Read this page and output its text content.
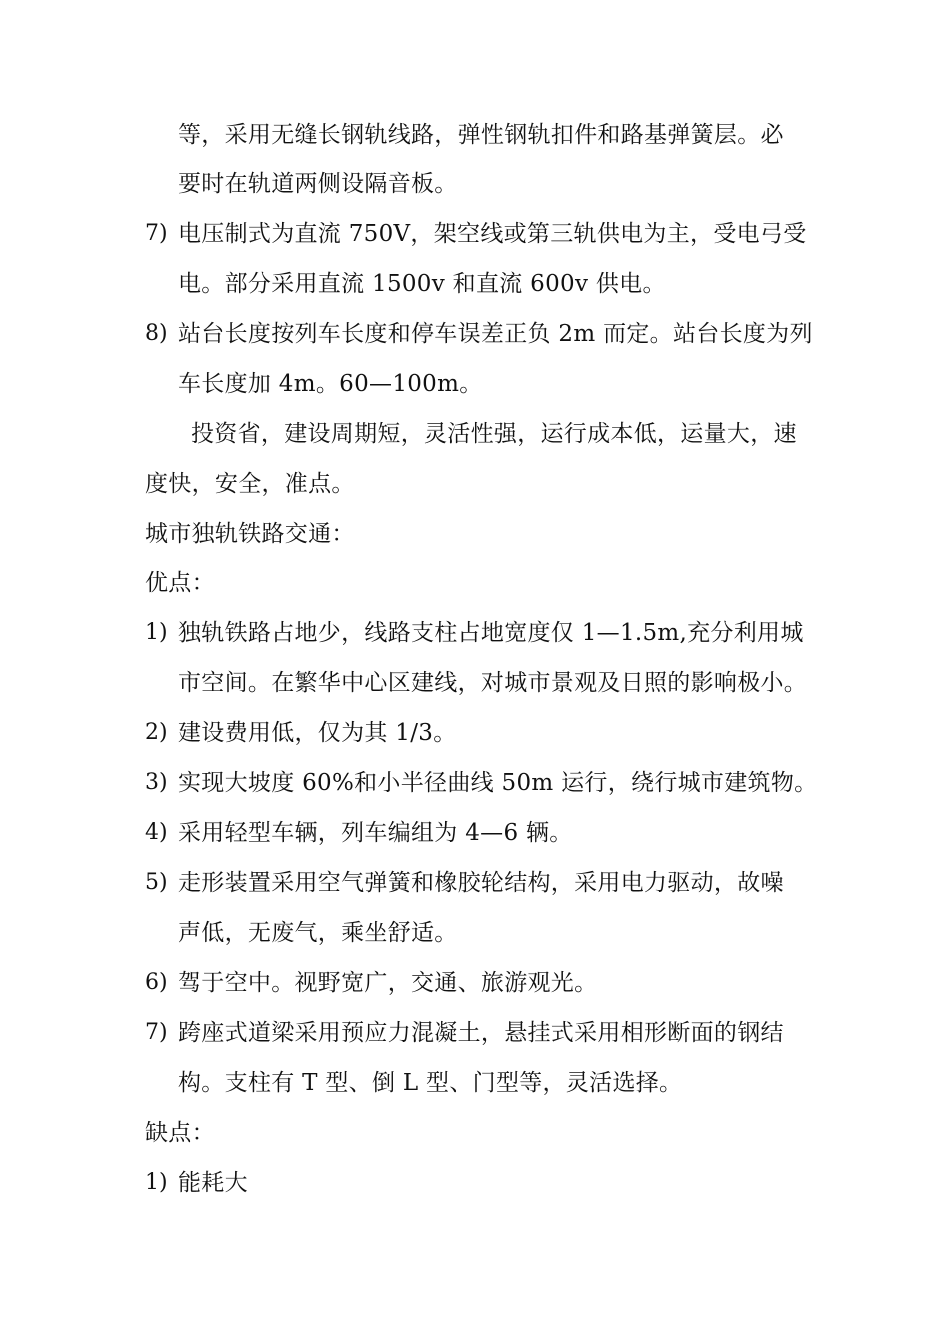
等，采用无缝长钢轨线路，弹性钢轨扣件和路基弹簧层。必
要时在轨道两侧设隔音板。
7) 电压制式为直流 750V，架空线或第三轨供电为主，受电弓受
电。部分采用直流 1500v 和直流 600v 供电。
8) 站台长度按列车长度和停车误差正负 2m 而定。站台长度为列
车长度加 4m。60—100m。
投资省，建设周期短，灵活性强，运行成本低，运量大，速
度快，安全，准点。
城市独轨铁路交通：
优点：
1) 独轨铁路占地少，线路支柱占地宽度仅 1—1.5m,充分利用城
市空间。在繁华中心区建线，对城市景观及日照的影响极小。
2) 建设费用低，仅为其 1/3。
3) 实现大坡度 60%和小半径曲线 50m 运行，绕行城市建筑物。
4) 采用轻型车辆，列车编组为 4—6 辆。
5) 走形装置采用空气弹簧和橡胶轮结构，采用电力驱动，故噪
声低，无废气，乘坐舒适。
6) 驾于空中。视野宽广，交通、旅游观光。
7) 跨座式道梁采用预应力混凝土，悬挂式采用相形断面的钢结
构。支柱有 T 型、倒 L 型、门型等，灵活选择。
缺点：
1) 能耗大
